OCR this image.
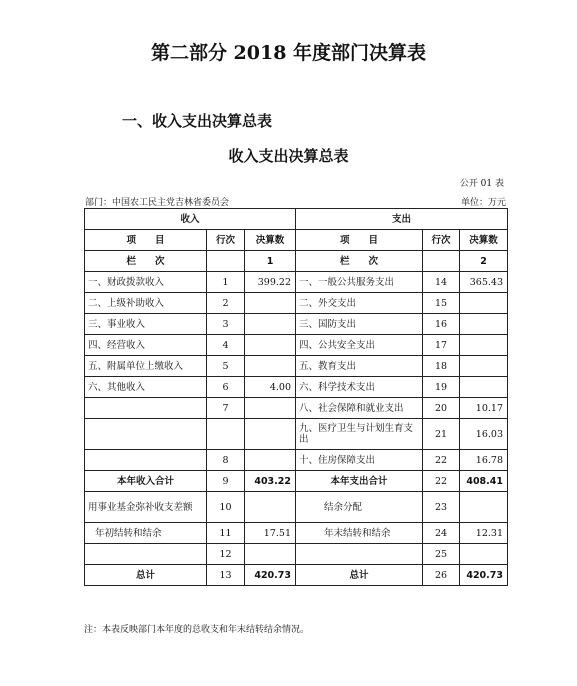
第二部分 2018 年度部门决算表
一、收入支出决算总表
收入支出决算总表
公开 01 表
部门：中国农工民主党吉林省委员会	单位：万元
收入			支出		
项　　目	行次	决算数	项　　目	行次	决算数
栏　　次		1	栏　　次		2
一、财政拨款收入	1	399.22	一、一般公共服务支出	14	365.43
二、上级补助收入	2		二、外交支出	15	
三、事业收入	3		三、国防支出	16	
四、经营收入	4		四、公共安全支出	17	
五、附属单位上缴收入	5		五、教育支出	18	
六、其他收入	6	4.00	六、科学技术支出	19	
	7		八、社会保障和就业支出	20	10.17
			九、医疗卫生与计划生育支出	21	16.03
	8		十、住房保障支出	22	16.78
本年收入合计	9	403.22	本年支出合计	22	408.41
用事业基金弥补收支差额	10		结余分配	23	
年初结转和结余	11	17.51	年末结转和结余	24	12.31
	12			25	
总计	13	420.73	总计	26	420.73
注：本表反映部门本年度的总收支和年末结转结余情况。
